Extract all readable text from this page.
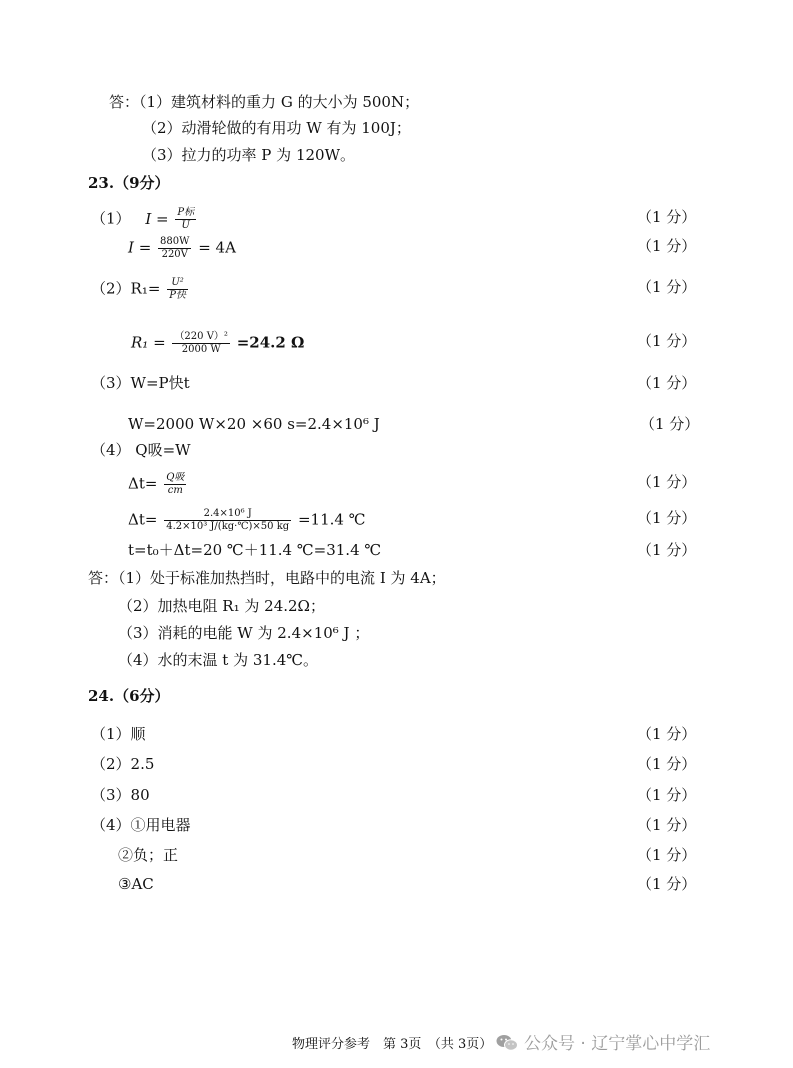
答：（1）建筑材料的重力 G 的大小为 500N；
（2）动滑轮做的有用功 W 有为 100J；
（3）拉力的功率 P 为 120W。
23.（9分）
（1） $I = \frac{\text{P标}}{U}$	（1 分）
$I = \frac{880W}{220V} = 4A$	（1 分）
$(2)R_1= \frac{\text{U²}}{\text{P快}}$	（1 分）
$R_1 = \frac{\text{（220 V）²}}{2000 W} =24.2$ Ω	（1 分）
（3）W=P快t	（1 分）
W=2000 W×20 ×60 s=2.4×10⁶ J	（1 分）
（4） Q吸=W
$\Delta t= \frac{\text{Q吸}}{cm}$	（1 分）
$\Delta t= \frac{\text{2.4×10⁶ J}}{\text{4.2×10³ J/(kg·℃)×50 kg}} =11.4$ ℃	（1 分）
t=t₀＋Δt=20 ℃＋11.4 ℃=31.4 ℃	（1 分）
答：（1）处于标准加热挡时，电路中的电流 I 为 4A；
（2）加热电阻 R₁ 为 24.2Ω；
（3）消耗的电能 W 为 2.4×10⁶ J ；
（4）水的末温 t 为 31.4℃。
24.（6分）
（1）顺	（1 分）
（2）2.5	（1 分）
（3）80	（1 分）
（4）①用电器	（1 分）
②负；正	（1 分）
③AC	（1 分）
物理评分参考　第 3页　（共 3页）	公众号 · 辽宁掌心中学汇
